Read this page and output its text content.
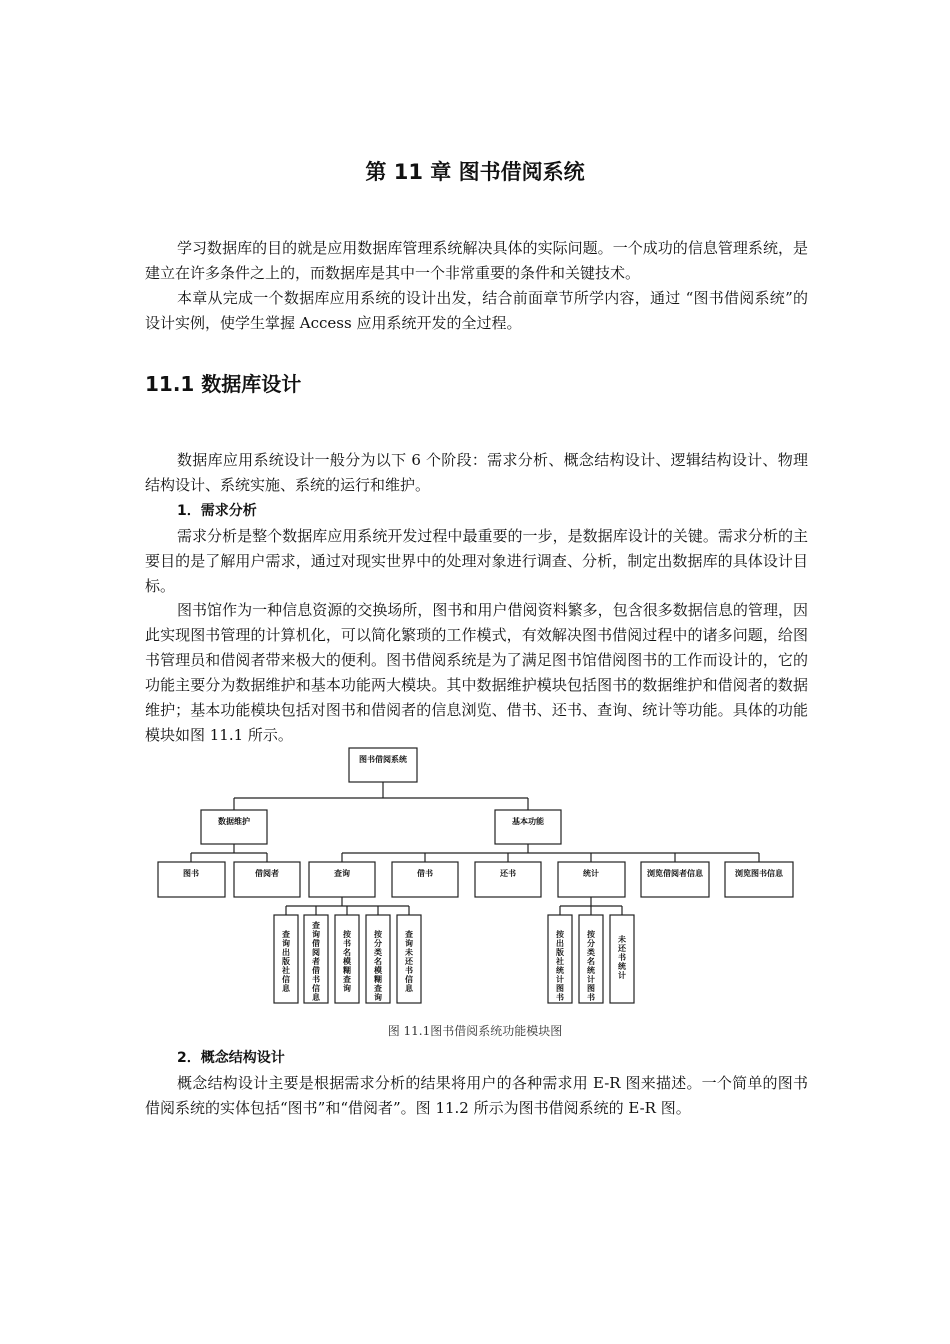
第 11 章 图书借阅系统

学习数据库的目的就是应用数据库管理系统解决具体的实际问题。一个成功的信息管理系统，是建立在许多条件之上的，而数据库是其中一个非常重要的条件和关键技术。

本章从完成一个数据库应用系统的设计出发，结合前面章节所学内容，通过 “图书借阅系统”的设计实例，使学生掌握 Access 应用系统开发的全过程。

11.1 数据库设计

数据库应用系统设计一般分为以下 6 个阶段：需求分析、概念结构设计、逻辑结构设计、物理结构设计、系统实施、系统的运行和维护。

1．需求分析

需求分析是整个数据库应用系统开发过程中最重要的一步，是数据库设计的关键。需求分析的主要目的是了解用户需求，通过对现实世界中的处理对象进行调查、分析，制定出数据库的具体设计目标。

图书馆作为一种信息资源的交换场所，图书和用户借阅资料繁多，包含很多数据信息的管理，因此实现图书管理的计算机化，可以简化繁琐的工作模式，有效解决图书借阅过程中的诸多问题，给图书管理员和借阅者带来极大的便利。图书借阅系统是为了满足图书馆借阅图书的工作而设计的，它的功能主要分为数据维护和基本功能两大模块。其中数据维护模块包括图书的数据维护和借阅者的数据维护；基本功能模块包括对图书和借阅者的信息浏览、借书、还书、查询、统计等功能。具体的功能模块如图 11.1 所示。

图书借阅系统
数据维护	基本功能
图书	借阅者	查询	借书	还书	统计	浏览借阅者信息	浏览图书信息
查询出版社信息
查询借阅者借书信息
按书名模糊查询
按分类名模糊查询
查询未还书信息
按出版社统计图书
按分类名统计图书
未还书统计
图 11.1图书借阅系统功能模块图
2．概念结构设计

概念结构设计主要是根据需求分析的结果将用户的各种需求用 E-R 图来描述。一个简单的图书借阅系统的实体包括“图书”和“借阅者”。图 11.2 所示为图书借阅系统的 E-R 图。
